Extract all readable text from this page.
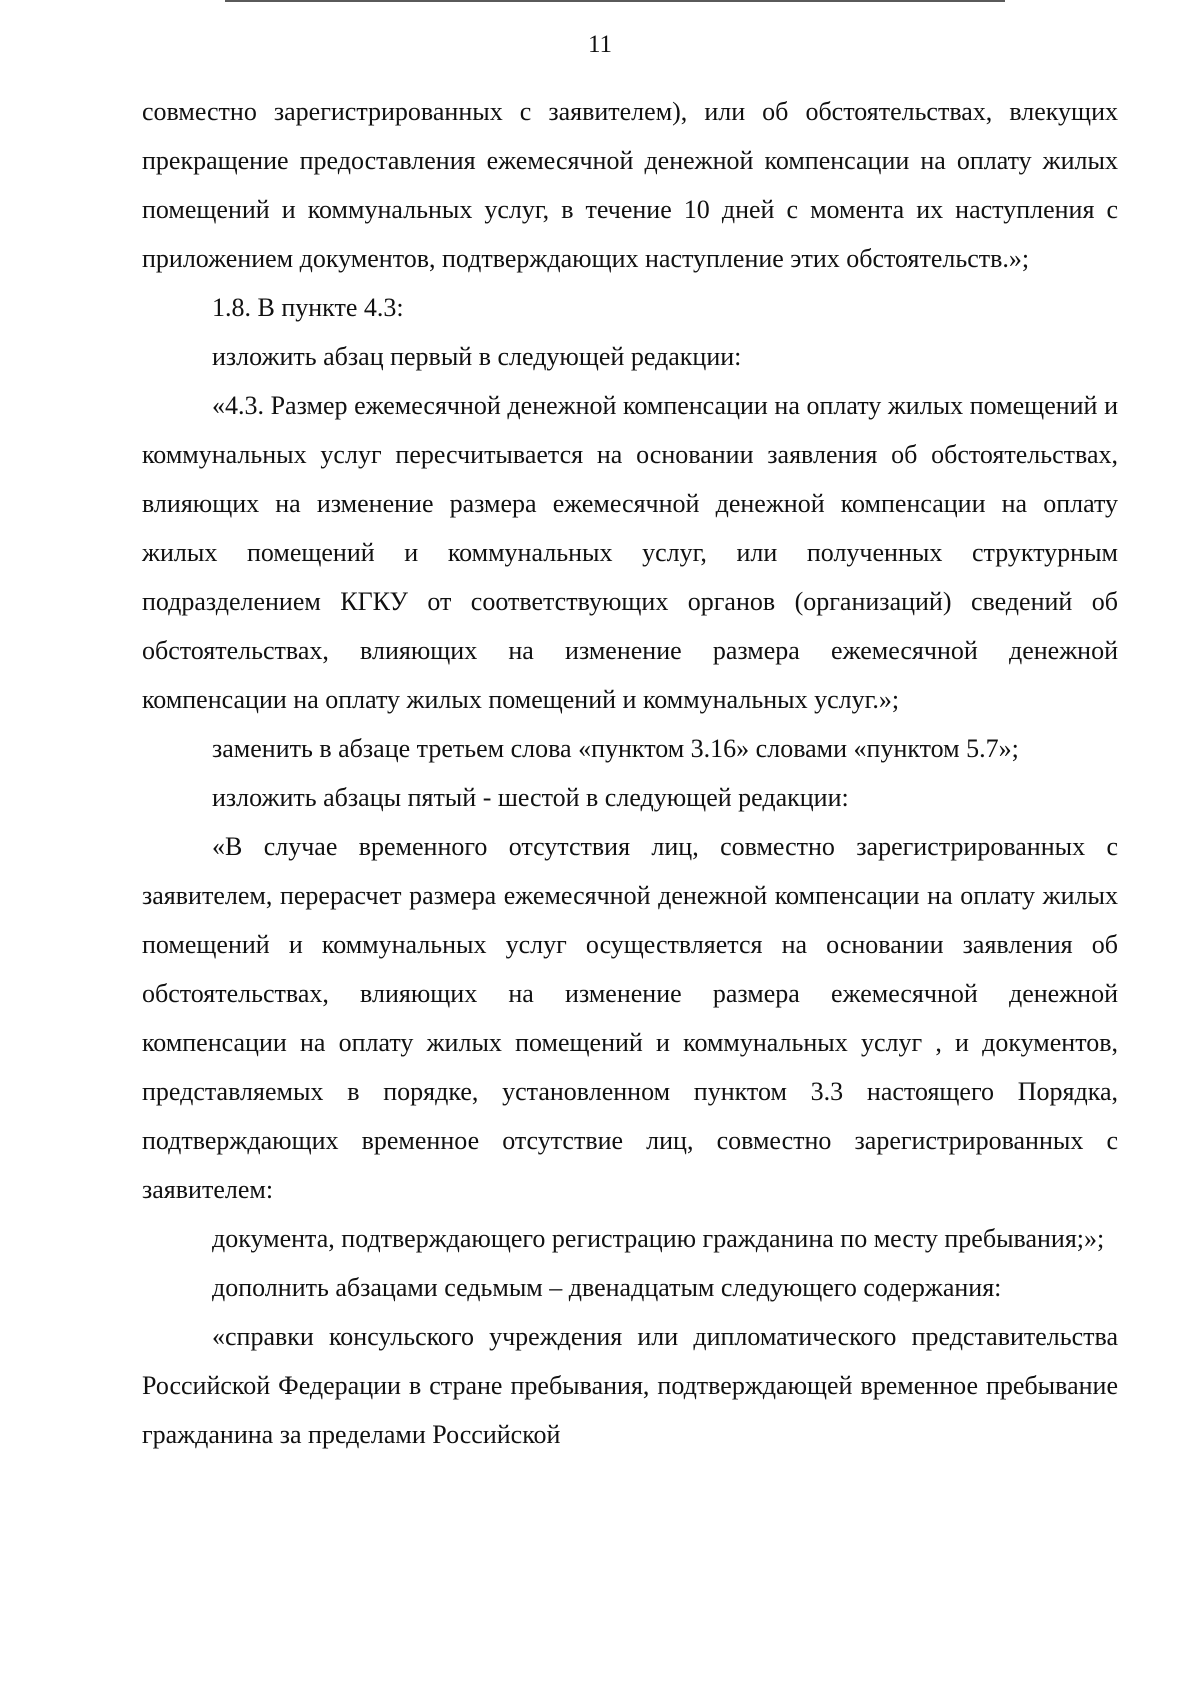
11

совместно зарегистрированных с заявителем), или об обстоятельствах, влекущих прекращение предоставления ежемесячной денежной компенсации на оплату жилых помещений и коммунальных услуг, в течение 10 дней с момента их наступления с приложением документов, подтверждающих наступление этих обстоятельств.»;

1.8. В пункте 4.3:

изложить абзац первый в следующей редакции:

«4.3. Размер ежемесячной денежной компенсации на оплату жилых помещений и коммунальных услуг пересчитывается на основании заявления об обстоятельствах, влияющих на изменение размера ежемесячной денежной компенсации на оплату жилых помещений и коммунальных услуг, или полученных структурным подразделением КГКУ от соответствующих органов (организаций) сведений об обстоятельствах, влияющих на изменение размера ежемесячной денежной компенсации на оплату жилых помещений и коммунальных услуг.»;

заменить в абзаце третьем слова «пунктом 3.16» словами «пунктом 5.7»;

изложить абзацы пятый - шестой в следующей редакции:

«В случае временного отсутствия лиц, совместно зарегистрированных с заявителем, перерасчет размера ежемесячной денежной компенсации на оплату жилых помещений и коммунальных услуг осуществляется на основании заявления об обстоятельствах, влияющих на изменение размера ежемесячной денежной компенсации на оплату жилых помещений и коммунальных услуг , и документов, представляемых в порядке, установленном пунктом 3.3 настоящего Порядка, подтверждающих временное отсутствие лиц, совместно зарегистрированных с заявителем:

документа, подтверждающего регистрацию гражданина по месту пребывания;»;

дополнить абзацами седьмым – двенадцатым следующего содержания:

«справки консульского учреждения или дипломатического представительства Российской Федерации в стране пребывания, подтверждающей временное пребывание гражданина за пределами Российской
